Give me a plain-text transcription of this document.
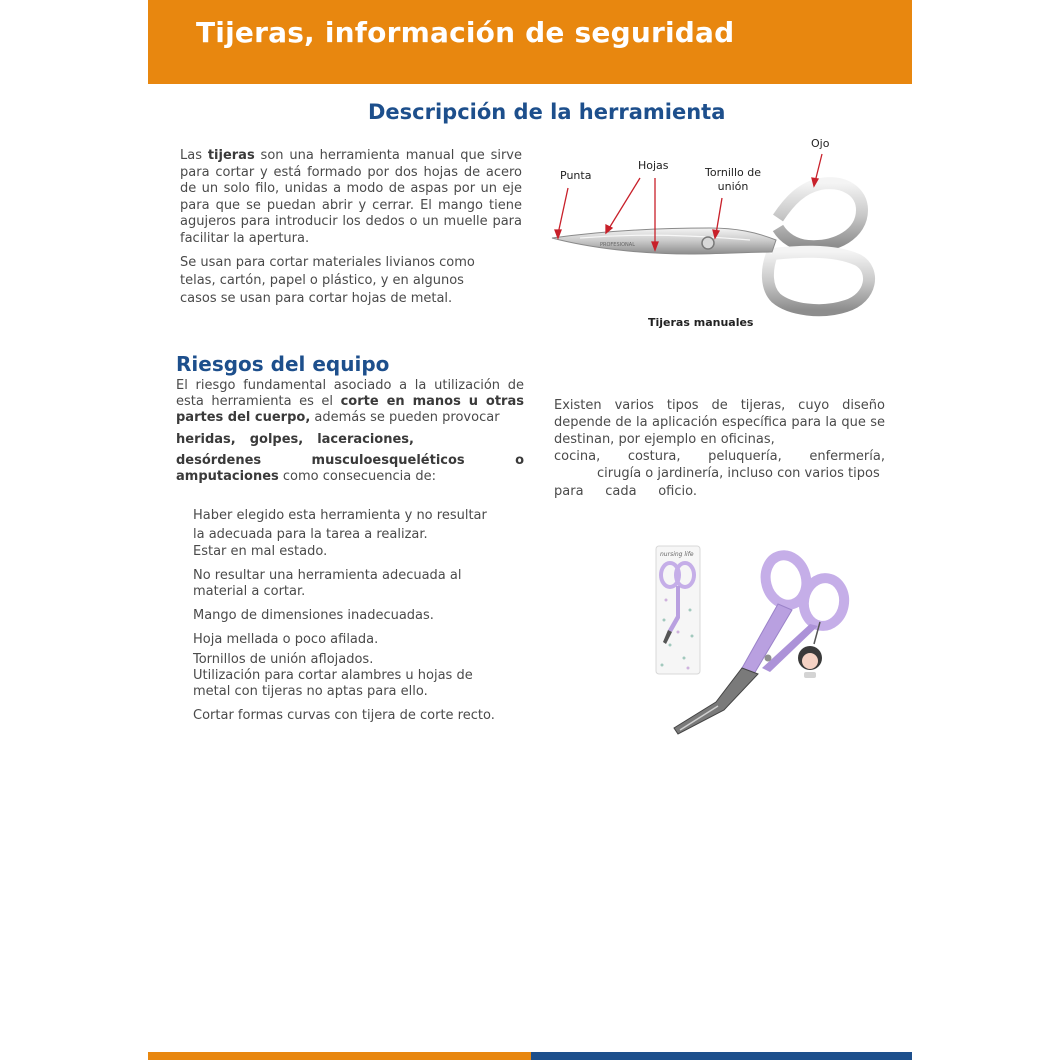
Tijeras, información de seguridad
Descripción de la herramienta
Las tijeras son una herramienta manual que sirve para cortar y está formado por dos hojas de acero de un solo filo, unidas a modo de aspas por un eje para que se puedan abrir y cerrar. El mango tiene agujeros para introducir los dedos o un muelle para facilitar la apertura.
Se usan para cortar materiales livianos como
telas, cartón, papel o plástico, y en algunos
casos se usan para cortar hojas de metal.
PROFESIONAL
Punta
Hojas
Tornillo de
unión
Ojo
Tijeras manuales
Riesgos del equipo
El riesgo fundamental asociado a la utilización de esta herramienta es el corte en manos u otras partes del cuerpo, además se pueden provocar
heridas, golpes, laceraciones,
desórdenes	musculoesqueléticos	o
amputaciones como consecuencia de:
Haber elegido esta herramienta y no resultar
la adecuada para la tarea a realizar.
Estar en mal estado.
No resultar una herramienta adecuada al
material a cortar.
Mango de dimensiones inadecuadas.
Hoja mellada o poco afilada.
Tornillos de unión aflojados.
Utilización para cortar alambres u hojas de
metal con tijeras no aptas para ello.
Cortar formas curvas con tijera de corte recto.
Existen varios tipos de tijeras, cuyo diseño depende de la aplicación específica para la que se destinan, por ejemplo en oficinas,
cocina, costura, peluquería, enfermería,
cirugía o jardinería, incluso con varios tipos
para cada oficio.
nursing life
